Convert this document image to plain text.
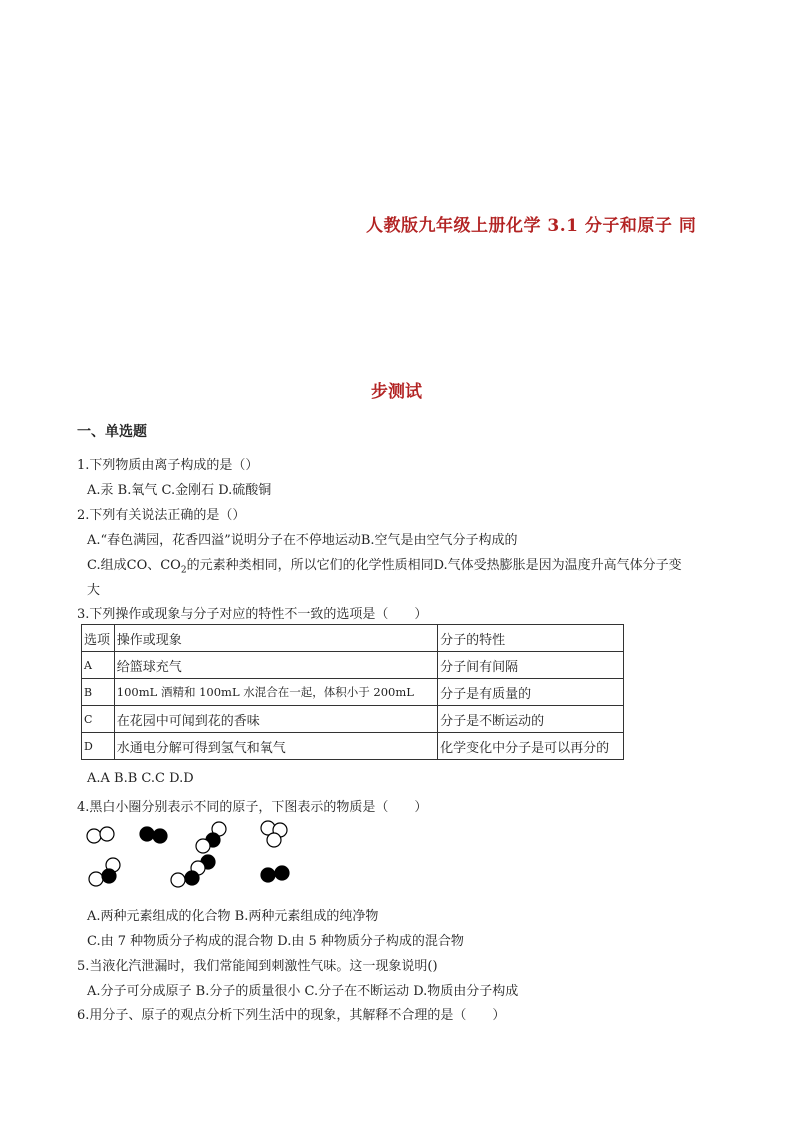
人教版九年级上册化学 3.1 分子和原子 同
步测试
一、单选题
1.下列物质由离子构成的是（）
A.汞 B.氧气 C.金刚石 D.硫酸铜
2.下列有关说法正确的是（）
A.“春色满园，花香四溢”说明分子在不停地运动B.空气是由空气分子构成的
C.组成CO、$CO_2$的元素种类相同，所以它们的化学性质相同D.气体受热膨胀是因为温度升高气体分子变
大
3.下列操作或现象与分子对应的特性不一致的选项是（　　）
选项	操作或现象	分子的特性
A	给篮球充气	分子间有间隔
B	100mL 酒精和 100mL 水混合在一起，体积小于 200mL	分子是有质量的
C	在花园中可闻到花的香味	分子是不断运动的
D	水通电分解可得到氢气和氧气	化学变化中分子是可以再分的
A.A B.B C.C D.D
4.黑白小圈分别表示不同的原子，下图表示的物质是（　　）
A.两种元素组成的化合物 B.两种元素组成的纯净物
C.由 7 种物质分子构成的混合物 D.由 5 种物质分子构成的混合物
5.当液化汽泄漏时，我们常能闻到刺激性气味。这一现象说明()
A.分子可分成原子 B.分子的质量很小 C.分子在不断运动 D.物质由分子构成
6.用分子、原子的观点分析下列生活中的现象，其解释不合理的是（　　）
